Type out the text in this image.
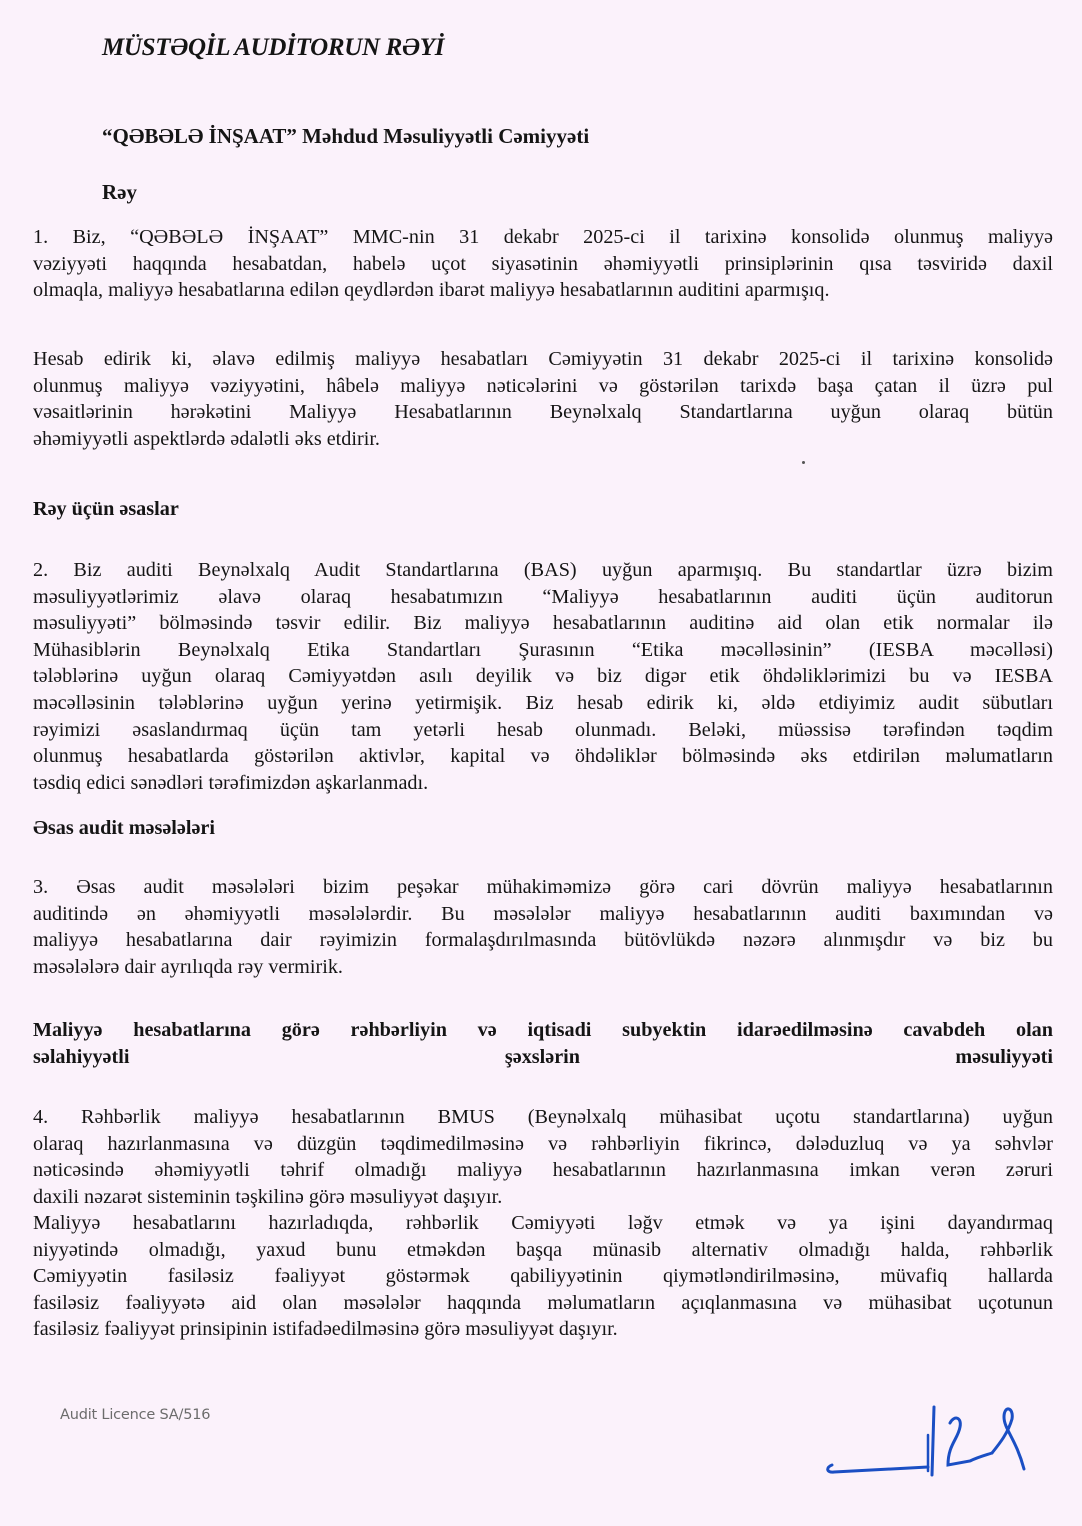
MÜSTƏQİL AUDİTORUN RƏYİ
“QƏBƏLƏ İNŞAAT” Məhdud Məsuliyyətli Cəmiyyəti
Rəy
1. Biz, “QƏBƏLƏ İNŞAAT” MMC-nin 31 dekabr 2025-ci il tarixinə konsolidə olunmuş maliyyə
vəziyyəti haqqında hesabatdan, habelə uçot siyasətinin əhəmiyyətli prinsiplərinin qısa təsviridə daxil
olmaqla, maliyyə hesabatlarına edilən qeydlərdən ibarət maliyyə hesabatlarının auditini aparmışıq.
Hesab edirik ki, əlavə edilmiş maliyyə hesabatları Cəmiyyətin 31 dekabr 2025-ci il tarixinə konsolidə
olunmuş maliyyə vəziyyətini, hâbelə maliyyə nəticələrini və göstərilən tarixdə başa çatan il üzrə pul
vəsaitlərinin hərəkətini Maliyyə Hesabatlarının Beynəlxalq Standartlarına uyğun olaraq bütün
əhəmiyyətli aspektlərdə ədalətli əks etdirir.
Rəy üçün əsaslar
2. Biz auditi Beynəlxalq Audit Standartlarına (BAS) uyğun aparmışıq. Bu standartlar üzrə bizim
məsuliyyətlərimiz əlavə olaraq hesabatımızın “Maliyyə hesabatlarının auditi üçün auditorun
məsuliyyəti” bölməsində təsvir edilir. Biz maliyyə hesabatlarının auditinə aid olan etik normalar ilə
Mühasiblərin Beynəlxalq Etika Standartları Şurasının “Etika məcəlləsinin” (IESBA məcəlləsi)
tələblərinə uyğun olaraq Cəmiyyətdən asılı deyilik və biz digər etik öhdəliklərimizi bu və IESBA
məcəlləsinin tələblərinə uyğun yerinə yetirmişik. Biz hesab edirik ki, əldə etdiyimiz audit sübutları
rəyimizi əsaslandırmaq üçün tam yetərli hesab olunmadı. Beləki, müəssisə tərəfindən təqdim
olunmuş hesabatlarda göstərilən aktivlər, kapital və öhdəliklər bölməsində əks etdirilən məlumatların
təsdiq edici sənədləri tərəfimizdən aşkarlanmadı.
Əsas audit məsələləri
3. Əsas audit məsələləri bizim peşəkar mühakiməmizə görə cari dövrün maliyyə hesabatlarının
auditində ən əhəmiyyətli məsələlərdir. Bu məsələlər maliyyə hesabatlarının auditi baxımından və
maliyyə hesabatlarına dair rəyimizin formalaşdırılmasında bütövlükdə nəzərə alınmışdır və biz bu
məsələlərə dair ayrılıqda rəy vermirik.
Maliyyə hesabatlarına görə rəhbərliyin və iqtisadi subyektin idarəedilməsinə cavabdeh olan
səlahiyyətli şəxslərin məsuliyyəti
4. Rəhbərlik maliyyə hesabatlarının BMUS (Beynəlxalq mühasibat uçotu standartlarına) uyğun
olaraq hazırlanmasına və düzgün təqdimedilməsinə və rəhbərliyin fikrincə, dələduzluq və ya səhvlər
nəticəsində əhəmiyyətli təhrif olmadığı maliyyə hesabatlarının hazırlanmasına imkan verən zəruri
daxili nəzarət sisteminin təşkilinə görə məsuliyyət daşıyır.
Maliyyə hesabatlarını hazırladıqda, rəhbərlik Cəmiyyəti ləğv etmək və ya işini dayandırmaq
niyyətində olmadığı, yaxud bunu etməkdən başqa münasib alternativ olmadığı halda, rəhbərlik
Cəmiyyətin fasiləsiz fəaliyyət göstərmək qabiliyyətinin qiymətləndirilməsinə, müvafiq hallarda
fasiləsiz fəaliyyətə aid olan məsələlər haqqında məlumatların açıqlanmasına və mühasibat uçotunun
fasiləsiz fəaliyyət prinsipinin istifadəedilməsinə görə məsuliyyət daşıyır.
Audit Licence SA/516
